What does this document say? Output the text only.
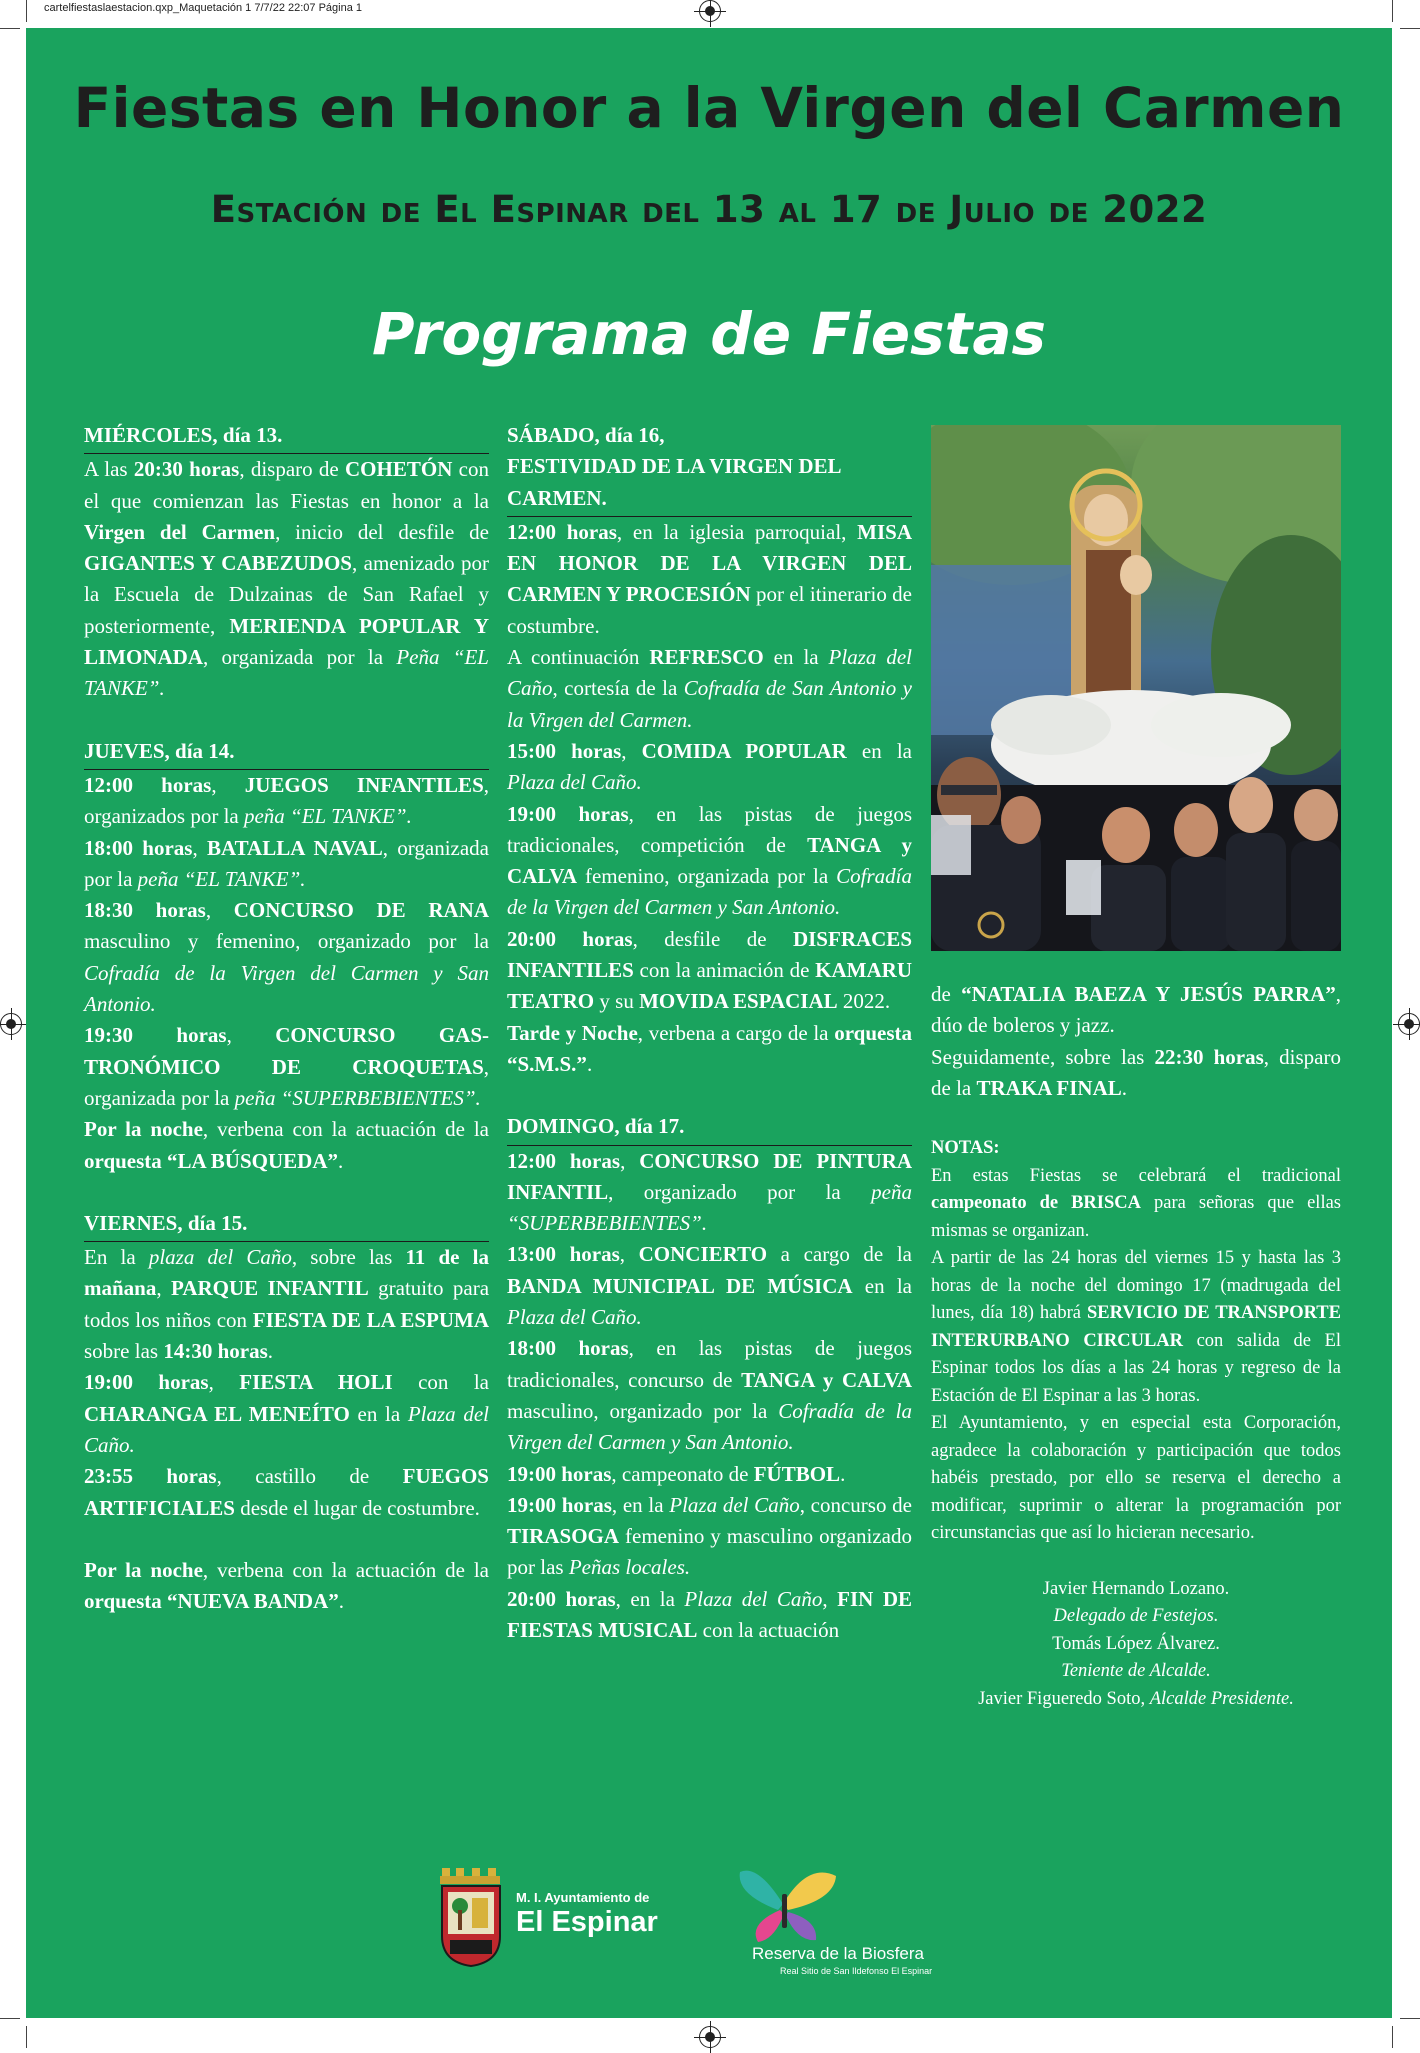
cartelfiestaslaestacion.qxp_Maquetación 1 7/7/22 22:07 Página 1
Fiestas en Honor a la Virgen del Carmen
Estación de El Espinar del 13 al 17 de Julio de 2022
Programa de Fiestas

MIÉRCOLES, día 13.

A las 20:30 horas, disparo de COHETÓN con el que comienzan las Fiestas en honor a la Virgen del Carmen, inicio del desfile de GIGANTES Y CABEZUDOS, amenizado por la Escuela de Dulzainas de San Rafael y posteriormente, MERIENDA POPULAR Y LIMONADA, organizada por la Peña “EL TANKE”.

JUEVES, día 14.

12:00 horas, JUEGOS INFANTILES, organizados por la peña “EL TANKE”.

18:00 horas, BATALLA NAVAL, organizada por la peña “EL TANKE”.

18:30 horas, CONCURSO DE RANA masculino y femenino, organizado por la Cofradía de la Virgen del Carmen y San Antonio.

19:30 horas, CONCURSO GAS-TRONÓMICO DE CROQUETAS, organizada por la peña “SUPERBEBIENTES”.

Por la noche, verbena con la actuación de la orquesta “LA BÚSQUEDA”.

VIERNES, día 15.

En la plaza del Caño, sobre las 11 de la mañana, PARQUE INFANTIL gratuito para todos los niños con FIESTA DE LA ESPUMA sobre las 14:30 horas.

19:00 horas, FIESTA HOLI con la CHARANGA EL MENEÍTO en la Plaza del Caño.

23:55 horas, castillo de FUEGOS ARTIFICIALES desde el lugar de costumbre.

Por la noche, verbena con la actuación de la orquesta “NUEVA BANDA”.

SÁBADO, día 16,

FESTIVIDAD DE LA VIRGEN DEL CARMEN.

12:00 horas, en la iglesia parroquial, MISA EN HONOR DE LA VIRGEN DEL CARMEN Y PROCESIÓN por el itinerario de costumbre.

A continuación REFRESCO en la Plaza del Caño, cortesía de la Cofradía de San Antonio y la Virgen del Carmen.

15:00 horas, COMIDA POPULAR en la Plaza del Caño.

19:00 horas, en las pistas de juegos tradicionales, competición de TANGA y CALVA femenino, organizada por la Cofradía de la Virgen del Carmen y San Antonio.

20:00 horas, desfile de DISFRACES INFANTILES con la animación de KAMARU TEATRO y su MOVIDA ESPACIAL 2022.

Tarde y Noche, verbena a cargo de la orquesta “S.M.S.”.

DOMINGO, día 17.

12:00 horas, CONCURSO DE PINTURA INFANTIL, organizado por la peña “SUPERBEBIENTES”.

13:00 horas, CONCIERTO a cargo de la BANDA MUNICIPAL DE MÚSICA en la Plaza del Caño.

18:00 horas, en las pistas de juegos tradicionales, concurso de TANGA y CALVA masculino, organizado por la Cofradía de la Virgen del Carmen y San Antonio.

19:00 horas, campeonato de FÚTBOL.

19:00 horas, en la Plaza del Caño, concurso de TIRASOGA femenino y masculino organizado por las Peñas locales.

20:00 horas, en la Plaza del Caño, FIN DE FIESTAS MUSICAL con la actuación

de “NATALIA BAEZA Y JESÚS PARRA”, dúo de boleros y jazz.

Seguidamente, sobre las 22:30 horas, disparo de la TRAKA FINAL.

NOTAS:

En estas Fiestas se celebrará el tradicional campeonato de BRISCA para señoras que ellas mismas se organizan.

A partir de las 24 horas del viernes 15 y hasta las 3 horas de la noche del domingo 17 (madrugada del lunes, día 18) habrá SERVICIO DE TRANSPORTE INTERURBANO CIRCULAR con salida de El Espinar todos los días a las 24 horas y regreso de la Estación de El Espinar a las 3 horas.

El Ayuntamiento, y en especial esta Corporación, agradece la colaboración y participación que todos habéis prestado, por ello se reserva el derecho a modificar, suprimir o alterar la programación por circunstancias que así lo hicieran necesario.

Javier Hernando Lozano.

Delegado de Festejos.

Tomás López Álvarez.

Teniente de Alcalde.

Javier Figueredo Soto, Alcalde Presidente.

M. I. Ayuntamiento de
El Espinar
Reserva de la Biosfera
Real Sitio de San Ildefonso El Espinar
